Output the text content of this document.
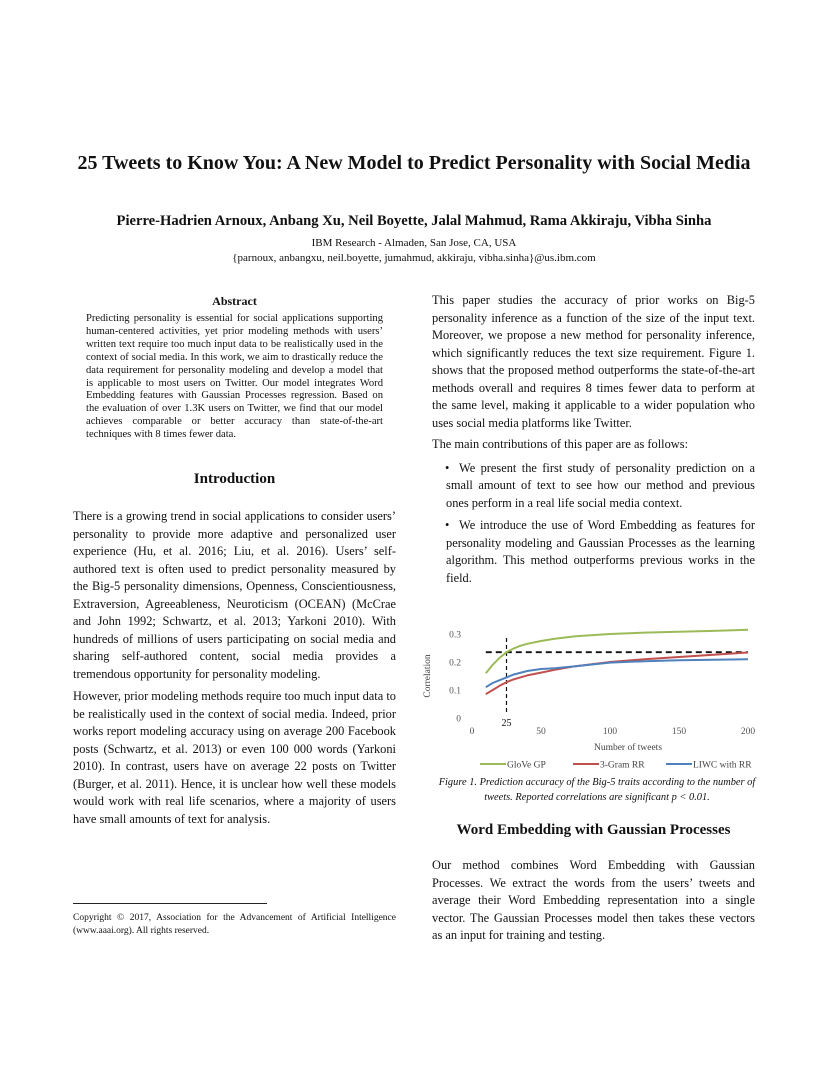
25 Tweets to Know You: A New Model to Predict Personality with Social Media
Pierre-Hadrien Arnoux, Anbang Xu, Neil Boyette, Jalal Mahmud, Rama Akkiraju, Vibha Sinha
IBM Research - Almaden, San Jose, CA, USA
{parnoux, anbangxu, neil.boyette, jumahmud, akkiraju, vibha.sinha}@us.ibm.com
Abstract

Predicting personality is essential for social applications supporting human-centered activities, yet prior modeling methods with users’ written text require too much input data to be realistically used in the context of social media. In this work, we aim to drastically reduce the data requirement for personality modeling and develop a model that is applicable to most users on Twitter. Our model integrates Word Embedding features with Gaussian Processes regression. Based on the evaluation of over 1.3K users on Twitter, we find that our model achieves comparable or better accuracy than state-of-the-art techniques with 8 times fewer data.

Introduction

There is a growing trend in social applications to consider users’ personality to provide more adaptive and personalized user experience (Hu, et al. 2016; Liu, et al. 2016). Users’ self-authored text is often used to predict personality measured by the Big-5 personality dimensions, Openness, Conscientiousness, Extraversion, Agreeableness, Neuroticism (OCEAN) (McCrae and John 1992; Schwartz, et al. 2013; Yarkoni 2010). With hundreds of millions of users participating on social media and sharing self-authored content, social media provides a tremendous opportunity for personality modeling.

However, prior modeling methods require too much input data to be realistically used in the context of social media. Indeed, prior works report modeling accuracy using on average 200 Facebook posts (Schwartz, et al. 2013) or even 100 000 words (Yarkoni 2010). In contrast, users have on average 22 posts on Twitter (Burger, et al. 2011). Hence, it is unclear how well these models would work with real life scenarios, where a majority of users have small amounts of text for analysis.

Copyright © 2017, Association for the Advancement of Artificial Intelligence (www.aaai.org). All rights reserved.

This paper studies the accuracy of prior works on Big-5 personality inference as a function of the size of the input text. Moreover, we propose a new method for personality inference, which significantly reduces the text size requirement. Figure 1. shows that the proposed method outperforms the state-of-the-art methods overall and requires 8 times fewer data to perform at the same level, making it applicable to a wider population who uses social media platforms like Twitter.

The main contributions of this paper are as follows:

• We present the first study of personality prediction on a small amount of text to see how our method and previous ones perform in a real life social media context.
• We introduce the use of Word Embedding as features for personality modeling and Gaussian Processes as the learning algorithm. This method outperforms previous works in the field.
0
0.1
0.2
0.3
0	50	100	150	200
Correlation
Number of tweets
25
GloVe GP	3-Gram RR	LIWC with RR
Figure 1. Prediction accuracy of the Big-5 traits according to the number of tweets. Reported correlations are significant p < 0.01.
Word Embedding with Gaussian Processes

Our method combines Word Embedding with Gaussian Processes. We extract the words from the users’ tweets and average their Word Embedding representation into a single vector. The Gaussian Processes model then takes these vectors as an input for training and testing.
